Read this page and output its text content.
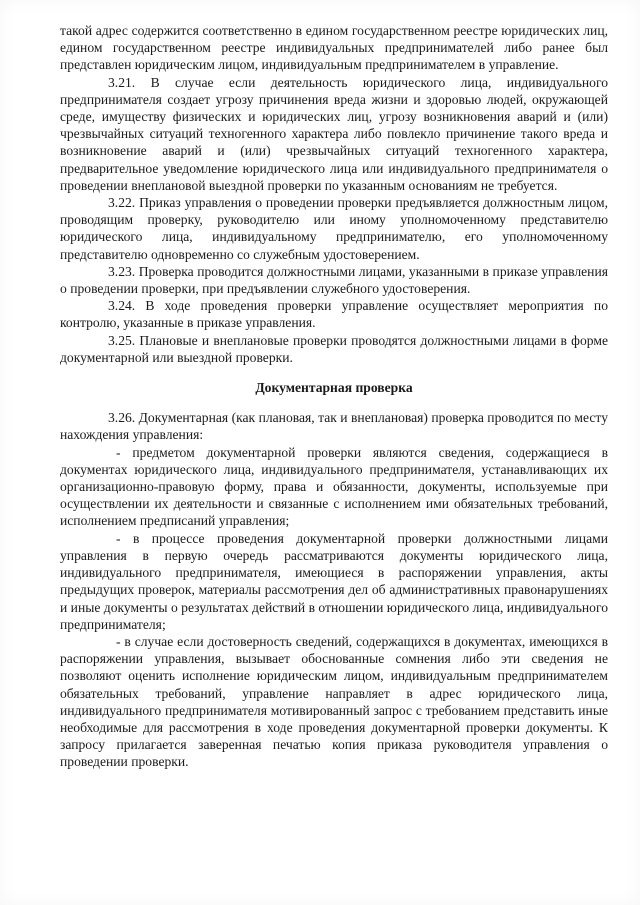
такой адрес содержится соответственно в едином государственном реестре юридических лиц, едином государственном реестре индивидуальных предпринимателей либо ранее был представлен юридическим лицом, индивидуальным предпринимателем в управление.

3.21. В случае если деятельность юридического лица, индивидуального предпринимателя создает угрозу причинения вреда жизни и здоровью людей, окружающей среде, имуществу физических и юридических лиц, угрозу возникновения аварий и (или) чрезвычайных ситуаций техногенного характера либо повлекло причинение такого вреда и возникновение аварий и (или) чрезвычайных ситуаций техногенного характера, предварительное уведомление юридического лица или индивидуального предпринимателя о проведении внеплановой выездной проверки по указанным основаниям не требуется.

3.22. Приказ управления о проведении проверки предъявляется должностным лицом, проводящим проверку, руководителю или иному уполномоченному представителю юридического лица, индивидуальному предпринимателю, его уполномоченному представителю одновременно со служебным удостоверением.

3.23. Проверка проводится должностными лицами, указанными в приказе управления о проведении проверки, при предъявлении служебного удостоверения.

3.24. В ходе проведения проверки управление осуществляет мероприятия по контролю, указанные в приказе управления.

3.25. Плановые и внеплановые проверки проводятся должностными лицами в форме документарной или выездной проверки.

Документарная проверка

3.26. Документарная (как плановая, так и внеплановая) проверка проводится по месту нахождения управления:

- предметом документарной проверки являются сведения, содержащиеся в документах юридического лица, индивидуального предпринимателя, устанавливающих их организационно-правовую форму, права и обязанности, документы, используемые при осуществлении их деятельности и связанные с исполнением ими обязательных требований, исполнением предписаний управления;

- в процессе проведения документарной проверки должностными лицами управления в первую очередь рассматриваются документы юридического лица, индивидуального предпринимателя, имеющиеся в распоряжении управления, акты предыдущих проверок, материалы рассмотрения дел об административных правонарушениях и иные документы о результатах действий в отношении юридического лица, индивидуального предпринимателя;

- в случае если достоверность сведений, содержащихся в документах, имеющихся в распоряжении управления, вызывает обоснованные сомнения либо эти сведения не позволяют оценить исполнение юридическим лицом, индивидуальным предпринимателем обязательных требований, управление направляет в адрес юридического лица, индивидуального предпринимателя мотивированный запрос с требованием представить иные необходимые для рассмотрения в ходе проведения документарной проверки документы. К запросу прилагается заверенная печатью копия приказа руководителя управления о проведении проверки.
